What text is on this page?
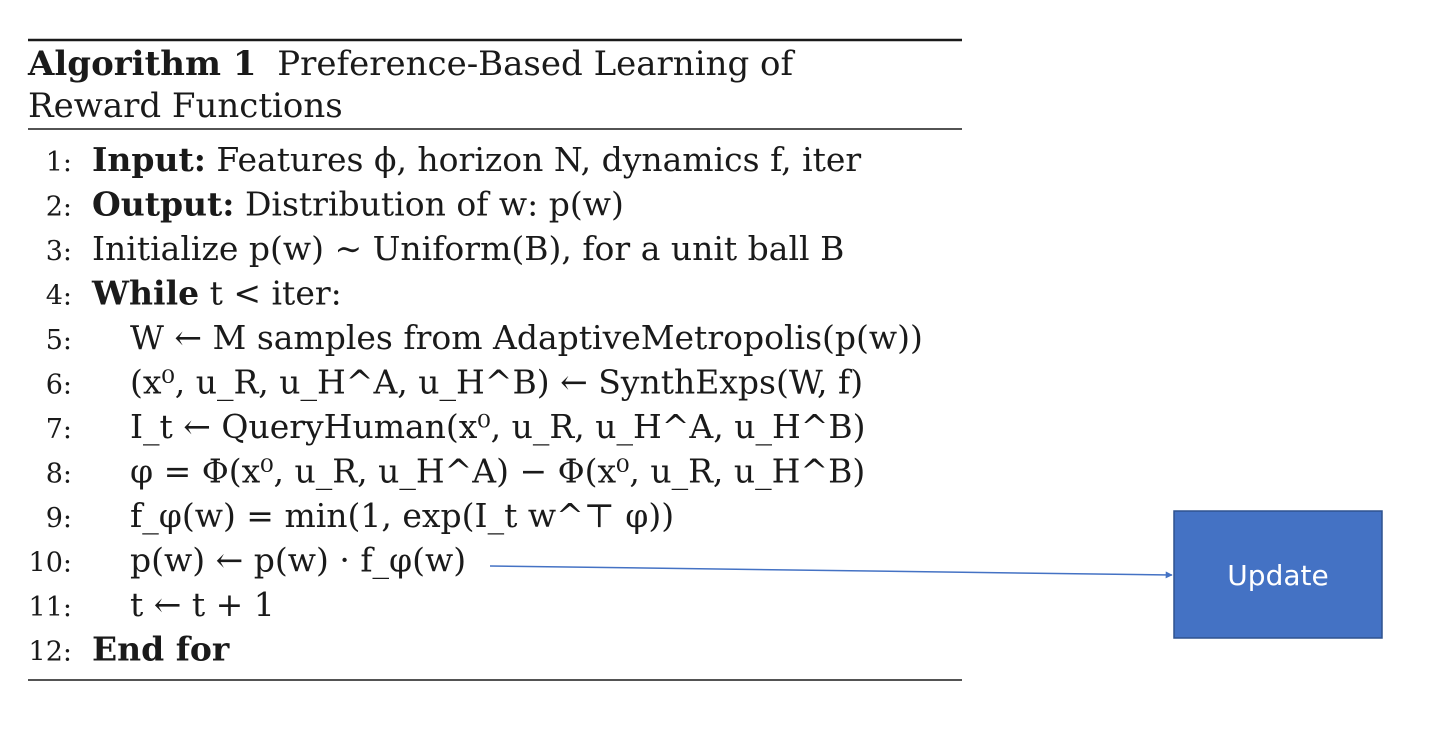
Algorithm 1 Preference-Based Learning of
Reward Functions
1: Input: Features ϕ, horizon N, dynamics f, iter
2: Output: Distribution of w: p(w)
3: Initialize p(w) ∼ Uniform(B), for a unit ball B
4: While t < iter:
5: W ← M samples from AdaptiveMetropolis(p(w))
6: (x⁰, u_R, u_H^A, u_H^B) ← SynthExps(W, f)
7: I_t ← QueryHuman(x⁰, u_R, u_H^A, u_H^B)
8: φ = Φ(x⁰, u_R, u_H^A) − Φ(x⁰, u_R, u_H^B)
9: f_φ(w) = min(1, exp(I_t w^⊤ φ))
10: p(w) ← p(w) · f_φ(w)
11: t ← t + 1
12: End for
Update
